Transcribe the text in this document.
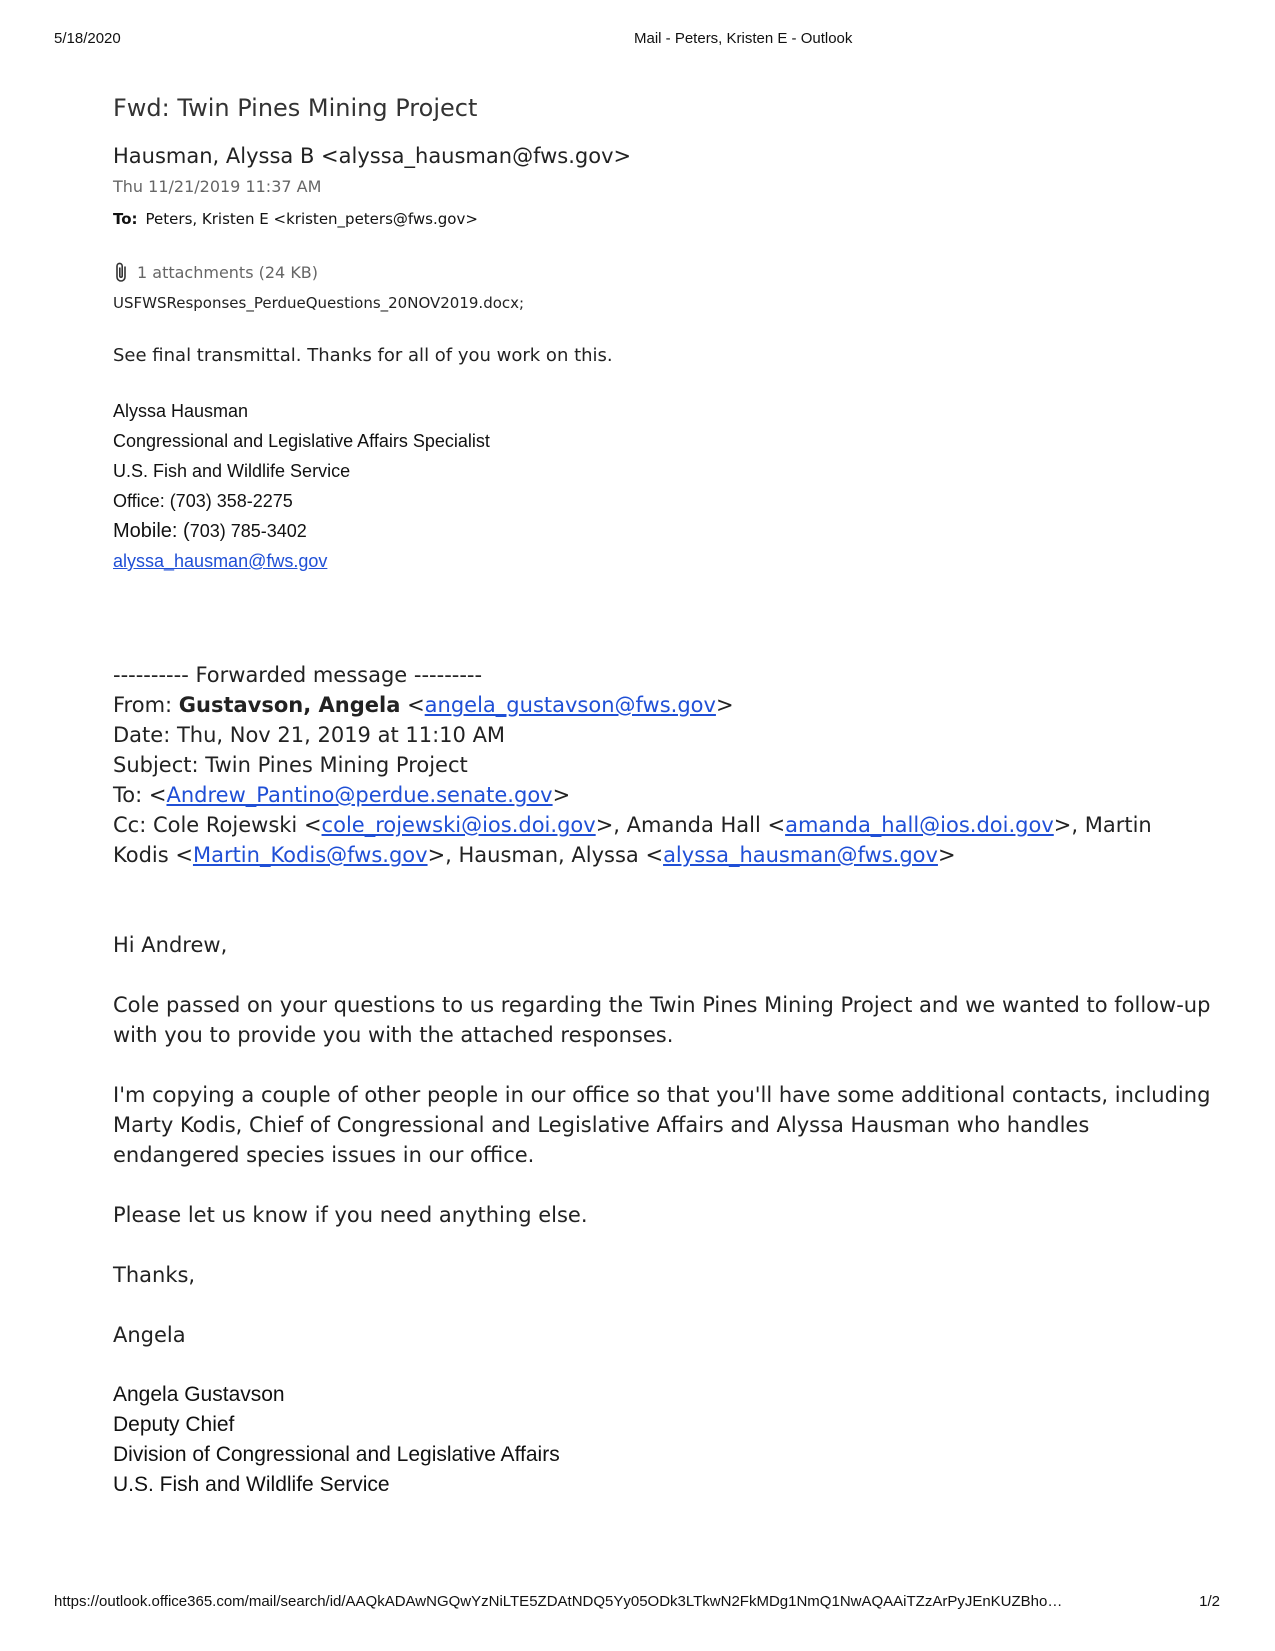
5/18/2020	Mail - Peters, Kristen E - Outlook
Fwd: Twin Pines Mining Project
Hausman, Alyssa B <alyssa_hausman@fws.gov>
Thu 11/21/2019 11:37 AM
To: Peters, Kristen E <kristen_peters@fws.gov>
1 attachments (24 KB)
USFWSResponses_PerdueQuestions_20NOV2019.docx;
See final transmittal. Thanks for all of you work on this.
Alyssa Hausman
Congressional and Legislative Affairs Specialist
U.S. Fish and Wildlife Service
Office: (703) 358-2275
Mobile: (703) 785-3402
alyssa_hausman@fws.gov

---------- Forwarded message ---------

From: Gustavson, Angela <angela_gustavson@fws.gov>

Date: Thu, Nov 21, 2019 at 11:10 AM

Subject: Twin Pines Mining Project

To: <Andrew_Pantino@perdue.senate.gov>

Cc: Cole Rojewski <cole_rojewski@ios.doi.gov>, Amanda Hall <amanda_hall@ios.doi.gov>, Martin Kodis <Martin_Kodis@fws.gov>, Hausman, Alyssa <alyssa_hausman@fws.gov>

Hi Andrew,

Cole passed on your questions to us regarding the Twin Pines Mining Project and we wanted to follow-up with you to provide you with the attached responses.

I'm copying a couple of other people in our office so that you'll have some additional contacts, including Marty Kodis, Chief of Congressional and Legislative Affairs and Alyssa Hausman who handles endangered species issues in our office.

Please let us know if you need anything else.

Thanks,

Angela

Angela Gustavson
Deputy Chief
Division of Congressional and Legislative Affairs
U.S. Fish and Wildlife Service
https://outlook.office365.com/mail/search/id/AAQkADAwNGQwYzNiLTE5ZDAtNDQ5Yy05ODk3LTkwN2FkMDg1NmQ1NwAQAAiTZzArPyJEnKUZBho…	1/2
